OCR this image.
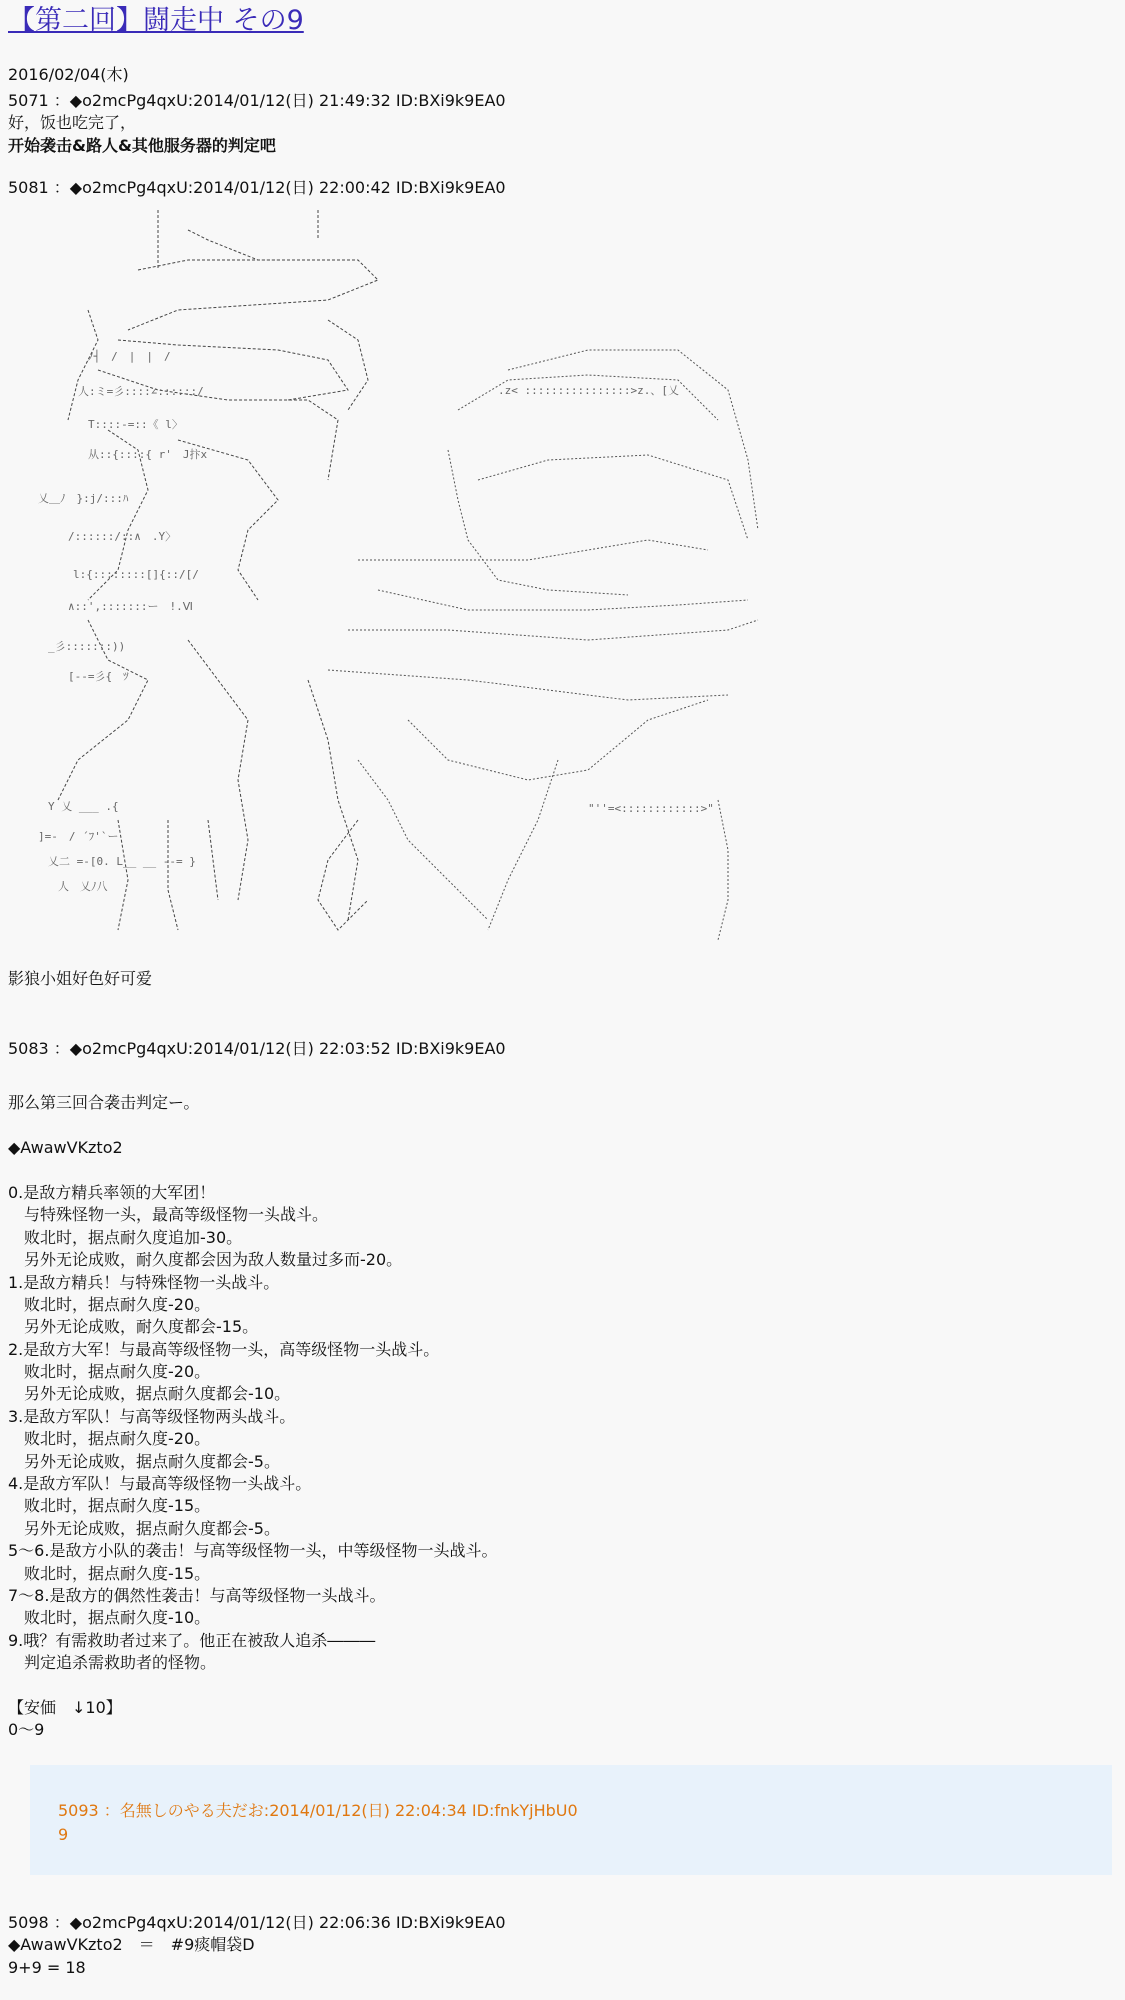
【第二回】闘走中 その9
2016/02/04(木)
5071 ：◆o2mcPg4qxU:2014/01/12(日) 21:49:32 ID:BXi9k9EA0
好，饭也吃完了，
开始袭击&路人&其他服务器的判定吧
5081 ：◆o2mcPg4qxU:2014/01/12(日) 22:00:42 ID:BXi9k9EA0
ﾉ┤　/　|　|　/
人:ミ=彡::::∠::::::/
T::::-=::《 l〉
从::{::::{ r'　J抃x
乂＿ﾉ　}:j/:::ﾊ
/::::::/::∧　.Y〉
l:{::::::::[]{::/[/
∧::',:::::::ー　!.Ⅵ
_彡:::::::))
[--=彡{　ﾂ
Y 乂 ___ .{
]=-　/ ´ﾌ'`ー
乂二 =-[0. L__ __ --= }
人　乂ﾉ八
.z< ::::::::::::::::>z.、[乂
"''=<::::::::::::>"
影狼小姐好色好可爱
5083 ：◆o2mcPg4qxU:2014/01/12(日) 22:03:52 ID:BXi9k9EA0
那么第三回合袭击判定ー。

◆AwawVKzto2

0.是敌方精兵率领的大军团！
　与特殊怪物一头，最高等级怪物一头战斗。
　败北时，据点耐久度追加-30。
　另外无论成败，耐久度都会因为敌人数量过多而-20。
1.是敌方精兵！与特殊怪物一头战斗。
　败北时，据点耐久度-20。
　另外无论成败，耐久度都会-15。
2.是敌方大军！与最高等级怪物一头，高等级怪物一头战斗。
　败北时，据点耐久度-20。
　另外无论成败，据点耐久度都会-10。
3.是敌方军队！与高等级怪物两头战斗。
　败北时，据点耐久度-20。
　另外无论成败，据点耐久度都会-5。
4.是敌方军队！与最高等级怪物一头战斗。
　败北时，据点耐久度-15。
　另外无论成败，据点耐久度都会-5。
5〜6.是敌方小队的袭击！与高等级怪物一头，中等级怪物一头战斗。
　败北时，据点耐久度-15。
7〜8.是敌方的偶然性袭击！与高等级怪物一头战斗。
　败北时，据点耐久度-10。
9.哦？有需救助者过来了。他正在被敌人追杀―――
　判定追杀需救助者的怪物。

【安価　↓10】
0〜9
5093 ：名無しのやる夫だお:2014/01/12(日) 22:04:34 ID:fnkYjHbU0
9
5098 ：◆o2mcPg4qxU:2014/01/12(日) 22:06:36 ID:BXi9k9EA0
◆AwawVKzto2　＝　#9痰帽袋D
9+9 = 18
